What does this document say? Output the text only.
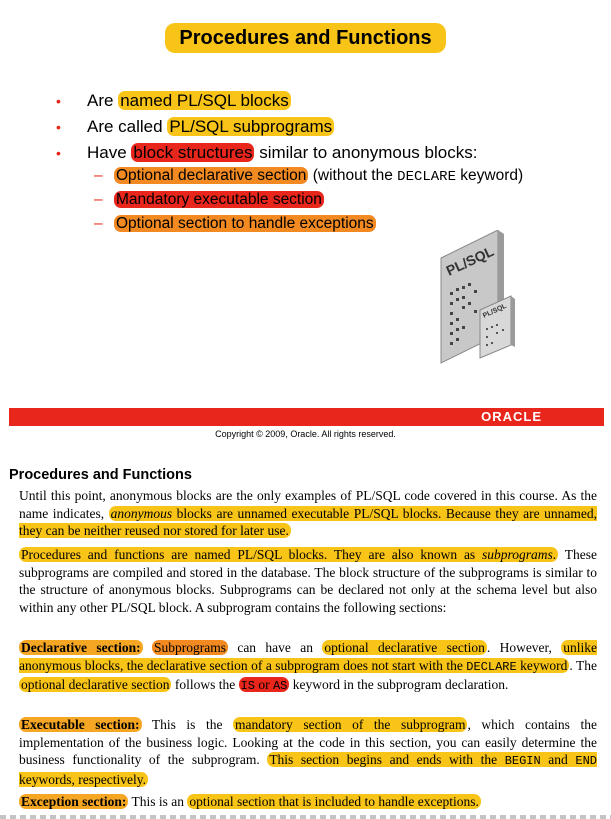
Procedures and Functions
• Are named PL/SQL blocks
• Are called PL/SQL subprograms
• Have block structures similar to anonymous blocks:
– Optional declarative section (without the DECLARE keyword)
– Mandatory executable section
– Optional section to handle exceptions
PL/SQL
PL/SQL
ORACLE
Copyright © 2009, Oracle. All rights reserved.
Procedures and Functions

Until this point, anonymous blocks are the only examples of PL/SQL code covered in this course. As the name indicates, anonymous blocks are unnamed executable PL/SQL blocks. Because they are unnamed, they can be neither reused nor stored for later use.

Procedures and functions are named PL/SQL blocks. They are also known as subprograms. These subprograms are compiled and stored in the database. The block structure of the subprograms is similar to the structure of anonymous blocks. Subprograms can be declared not only at the schema level but also within any other PL/SQL block. A subprogram contains the following sections:

Declarative section: Subprograms can have an optional declarative section . However, unlike anonymous blocks, the declarative section of a subprogram does not start with the DECLARE keyword . The optional declarative section follows the IS or AS keyword in the subprogram declaration.

Executable section: This is the mandatory section of the subprogram , which contains the implementation of the business logic. Looking at the code in this section, you can easily determine the business functionality of the subprogram. This section begins and ends with the BEGIN and END keywords, respectively.

Exception section: This is an optional section that is included to handle exceptions.
